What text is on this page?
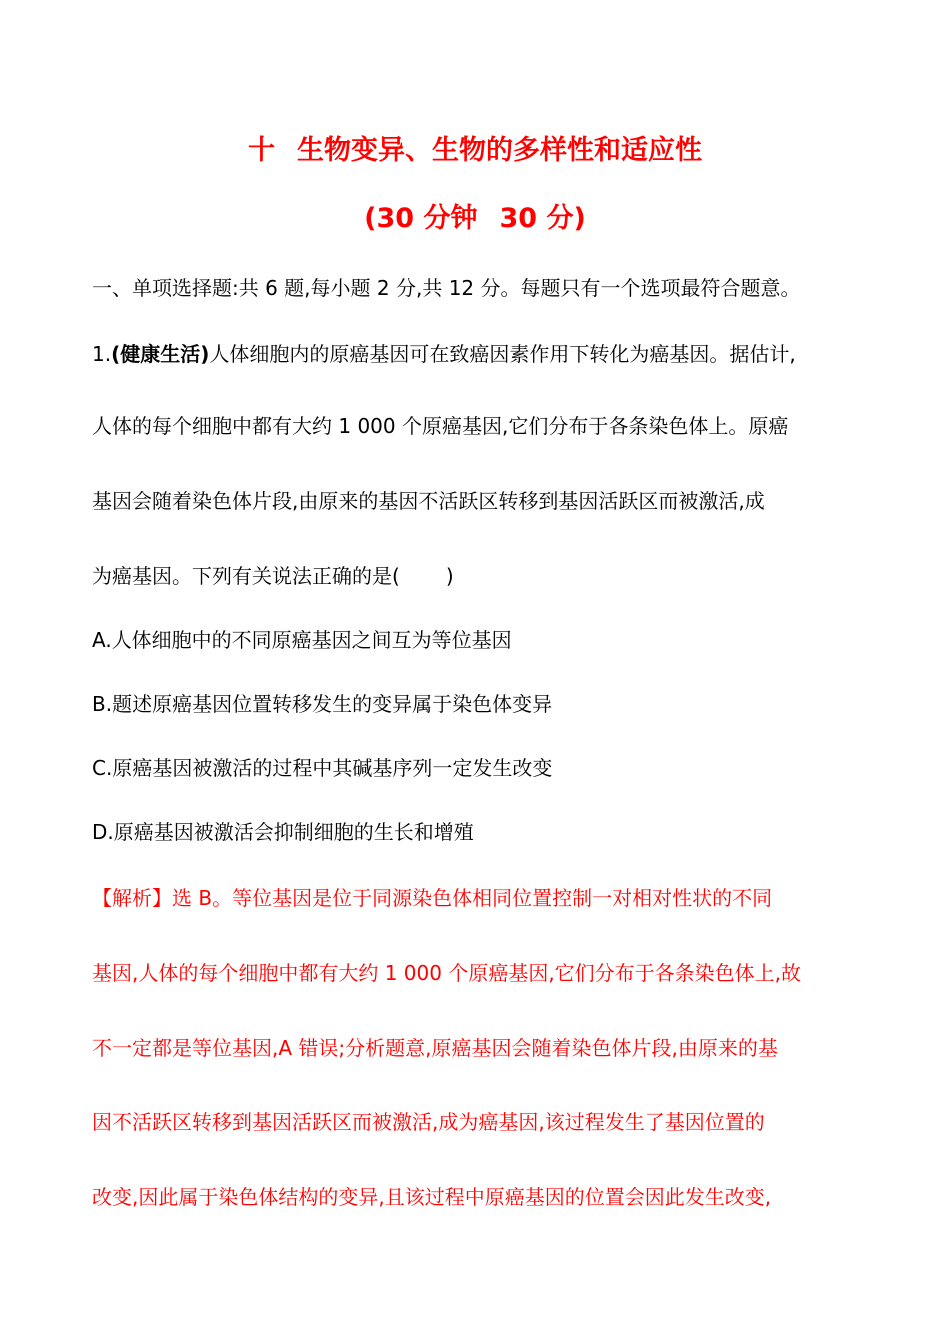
十 生物变异、生物的多样性和适应性
(30 分钟 30 分)
一、单项选择题:共 6 题,每小题 2 分,共 12 分。每题只有一个选项最符合题意。
1.(健康生活)人体细胞内的原癌基因可在致癌因素作用下转化为癌基因。据估计,
人体的每个细胞中都有大约 1 000 个原癌基因,它们分布于各条染色体上。原癌
基因会随着染色体片段,由原来的基因不活跃区转移到基因活跃区而被激活,成
为癌基因。下列有关说法正确的是( )
A.人体细胞中的不同原癌基因之间互为等位基因
B.题述原癌基因位置转移发生的变异属于染色体变异
C.原癌基因被激活的过程中其碱基序列一定发生改变
D.原癌基因被激活会抑制细胞的生长和增殖
【解析】选 B。等位基因是位于同源染色体相同位置控制一对相对性状的不同
基因,人体的每个细胞中都有大约 1 000 个原癌基因,它们分布于各条染色体上,故
不一定都是等位基因,A 错误;分析题意,原癌基因会随着染色体片段,由原来的基
因不活跃区转移到基因活跃区而被激活,成为癌基因,该过程发生了基因位置的
改变,因此属于染色体结构的变异,且该过程中原癌基因的位置会因此发生改变,
